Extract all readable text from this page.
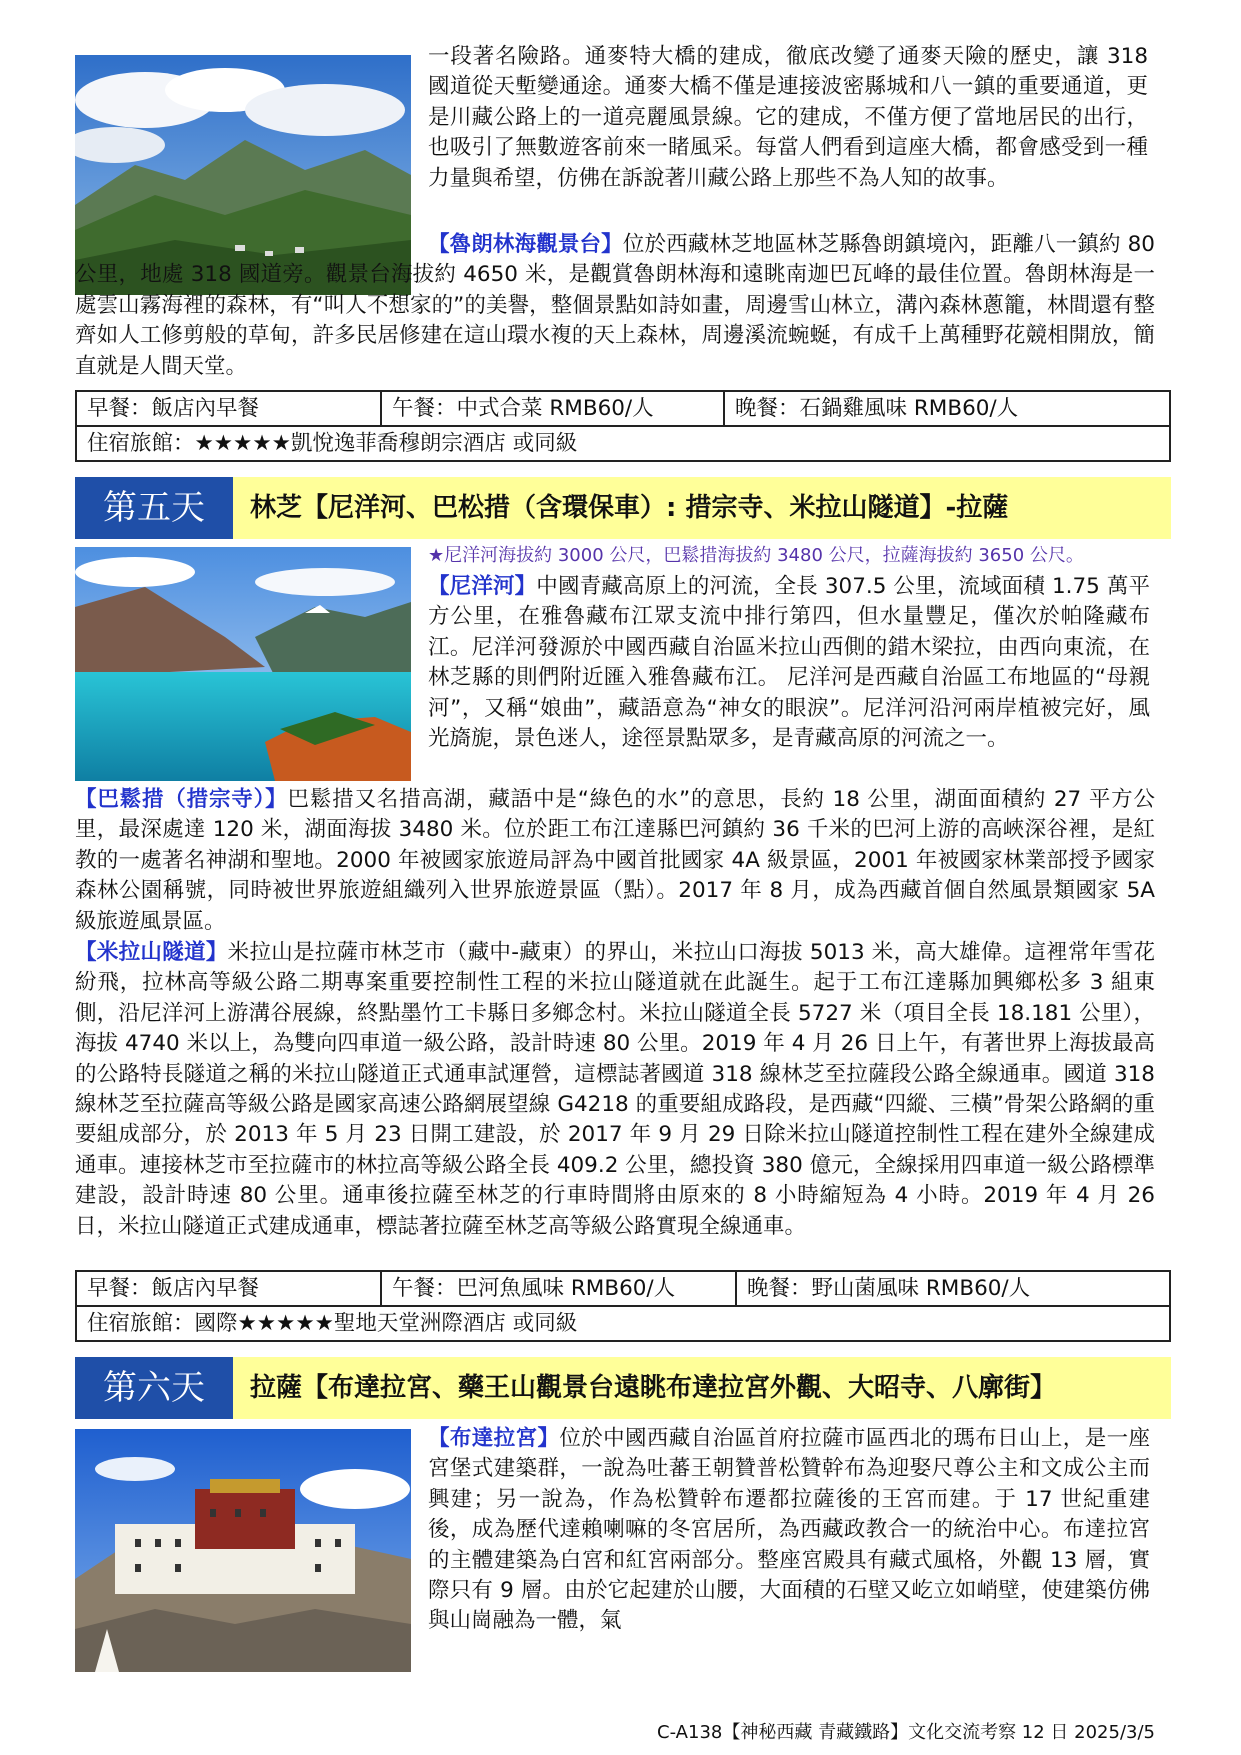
一段著名險路。通麥特大橋的建成，徹底改變了通麥天險的歷史，讓 318 國道從天塹變通途。通麥大橋不僅是連接波密縣城和八一鎮的重要通道，更是川藏公路上的一道亮麗風景線。它的建成，不僅方便了當地居民的出行，也吸引了無數遊客前來一睹風采。每當人們看到這座大橋，都會感受到一種力量與希望，仿佛在訴說著川藏公路上那些不為人知的故事。

【魯朗林海觀景台】位於西藏林芝地區林芝縣魯朗鎮境內，距離八一鎮約 80 公里，地處 318 國道旁。觀景台海拔約 4650 米，是觀賞魯朗林海和遠眺南迦巴瓦峰的最佳位置。魯朗林海是一處雲山霧海裡的森林，有“叫人不想家的”的美譽，整個景點如詩如畫，周邊雪山林立，溝內森林蔥籠，林間還有整齊如人工修剪般的草甸，許多民居修建在這山環水複的天上森林，周邊溪流蜿蜒，有成千上萬種野花競相開放，簡直就是人間天堂。

早餐：飯店內早餐	午餐：中式合菜 RMB60/人	晚餐：石鍋雞風味 RMB60/人
住宿旅館：★★★★★凱悅逸菲喬穆朗宗酒店 或同級
第五天	林芝【尼洋河、巴松措（含環保車）: 措宗寺、米拉山隧道】-拉薩

★尼洋河海拔約 3000 公尺，巴鬆措海拔約 3480 公尺，拉薩海拔約 3650 公尺。

【尼洋河】中國青藏高原上的河流，全長 307.5 公里，流域面積 1.75 萬平方公里，在雅魯藏布江眾支流中排行第四，但水量豐足，僅次於帕隆藏布江。尼洋河發源於中國西藏自治區米拉山西側的錯木梁拉，由西向東流，在林芝縣的則們附近匯入雅魯藏布江。 尼洋河是西藏自治區工布地區的“母親河”，又稱“娘曲”，藏語意為“神女的眼淚”。尼洋河沿河兩岸植被完好，風光旖旎，景色迷人，途徑景點眾多，是青藏高原的河流之一。

【巴鬆措（措宗寺）】巴鬆措又名措高湖，藏語中是“綠色的水”的意思，長約 18 公里，湖面面積約 27 平方公里，最深處達 120 米，湖面海拔 3480 米。位於距工布江達縣巴河鎮約 36 千米的巴河上游的高峽深谷裡，是紅教的一處著名神湖和聖地。2000 年被國家旅遊局評為中國首批國家 4A 級景區，2001 年被國家林業部授予國家森林公園稱號，同時被世界旅遊組織列入世界旅遊景區（點）。2017 年 8 月，成為西藏首個自然風景類國家 5A 級旅遊風景區。

【米拉山隧道】米拉山是拉薩市林芝市（藏中-藏東）的界山，米拉山口海拔 5013 米，高大雄偉。這裡常年雪花紛飛，拉林高等級公路二期專案重要控制性工程的米拉山隧道就在此誕生。起于工布江達縣加興鄉松多 3 組東側，沿尼洋河上游溝谷展線，終點墨竹工卡縣日多鄉念村。米拉山隧道全長 5727 米（項目全長 18.181 公里），海拔 4740 米以上，為雙向四車道一級公路，設計時速 80 公里。2019 年 4 月 26 日上午，有著世界上海拔最高的公路特長隧道之稱的米拉山隧道正式通車試運營，這標誌著國道 318 線林芝至拉薩段公路全線通車。國道 318 線林芝至拉薩高等級公路是國家高速公路網展望線 G4218 的重要組成路段，是西藏“四縱、三橫”骨架公路網的重要組成部分，於 2013 年 5 月 23 日開工建設，於 2017 年 9 月 29 日除米拉山隧道控制性工程在建外全線建成通車。連接林芝市至拉薩市的林拉高等級公路全長 409.2 公里，總投資 380 億元，全線採用四車道一級公路標準建設，設計時速 80 公里。通車後拉薩至林芝的行車時間將由原來的 8 小時縮短為 4 小時。2019 年 4 月 26 日，米拉山隧道正式建成通車，標誌著拉薩至林芝高等級公路實現全線通車。

早餐：飯店內早餐	午餐：巴河魚風味 RMB60/人	晚餐：野山菌風味 RMB60/人
住宿旅館：國際★★★★★聖地天堂洲際酒店 或同級
第六天	拉薩【布達拉宮、藥王山觀景台遠眺布達拉宮外觀、大昭寺、八廓街】

【布達拉宮】位於中國西藏自治區首府拉薩市區西北的瑪布日山上，是一座宮堡式建築群，一說為吐蕃王朝贊普松贊幹布為迎娶尺尊公主和文成公主而興建；另一說為，作為松贊幹布遷都拉薩後的王宮而建。于 17 世紀重建後，成為歷代達賴喇嘛的冬宮居所，為西藏政教合一的統治中心。布達拉宮的主體建築為白宮和紅宮兩部分。整座宮殿具有藏式風格，外觀 13 層，實際只有 9 層。由於它起建於山腰，大面積的石壁又屹立如峭壁，使建築仿佛與山崗融為一體，氣

C-A138【神秘西藏 青藏鐵路】文化交流考察 12 日 2025/3/5
